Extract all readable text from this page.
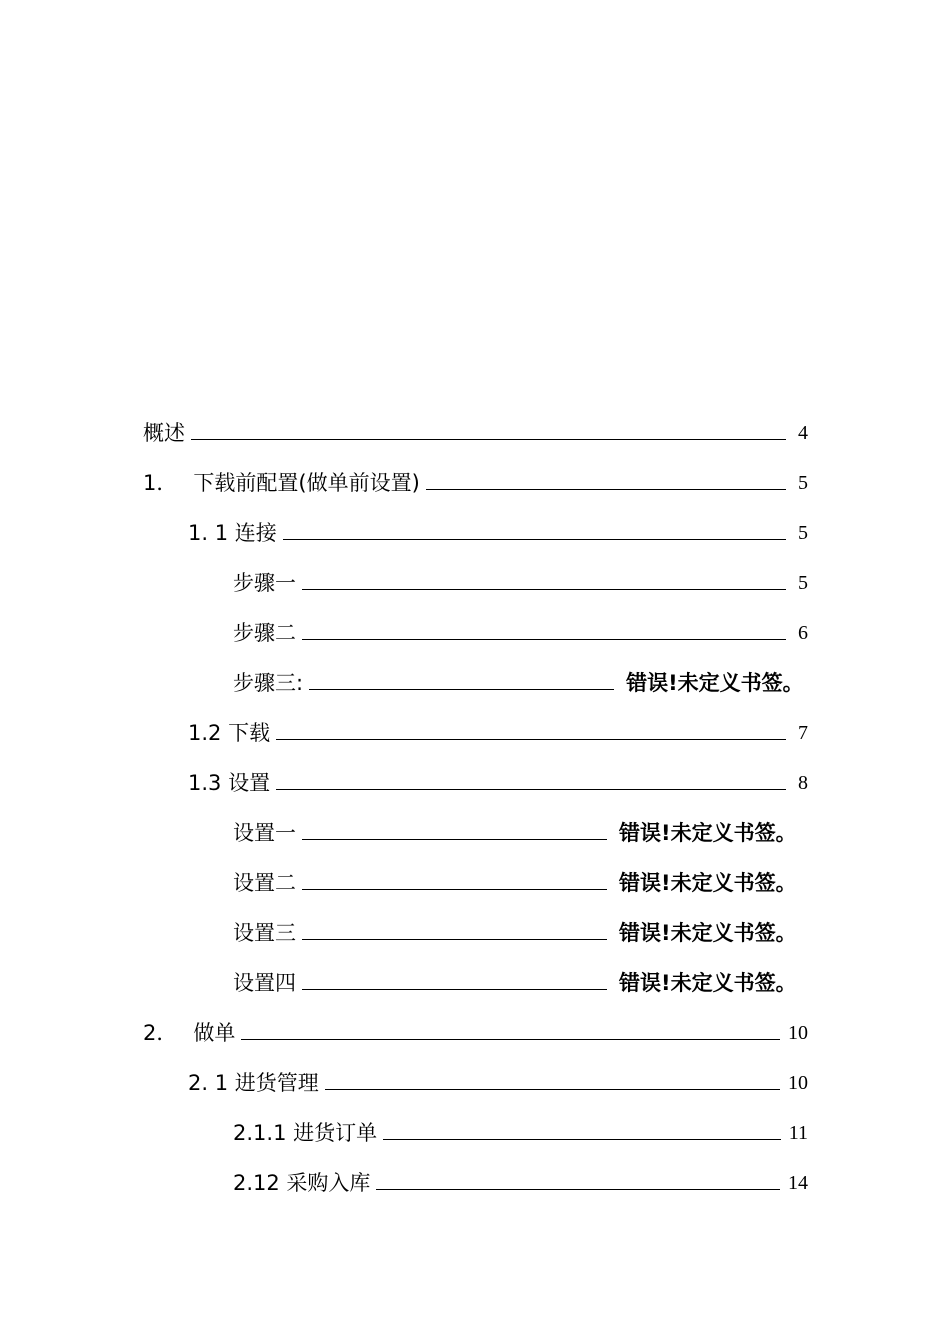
概述	4
1． 下载前配置(做单前设置)	5
1. 1 连接	5
步骤一	5
步骤二	6
步骤三:	错误!未定义书签。
1.2 下载	7
1.3 设置	8
设置一	错误!未定义书签。
设置二	错误!未定义书签。
设置三	错误!未定义书签。
设置四	错误!未定义书签。
2． 做单	10
2. 1 进货管理	10
2.1.1 进货订单	11
2.12 采购入库	14
